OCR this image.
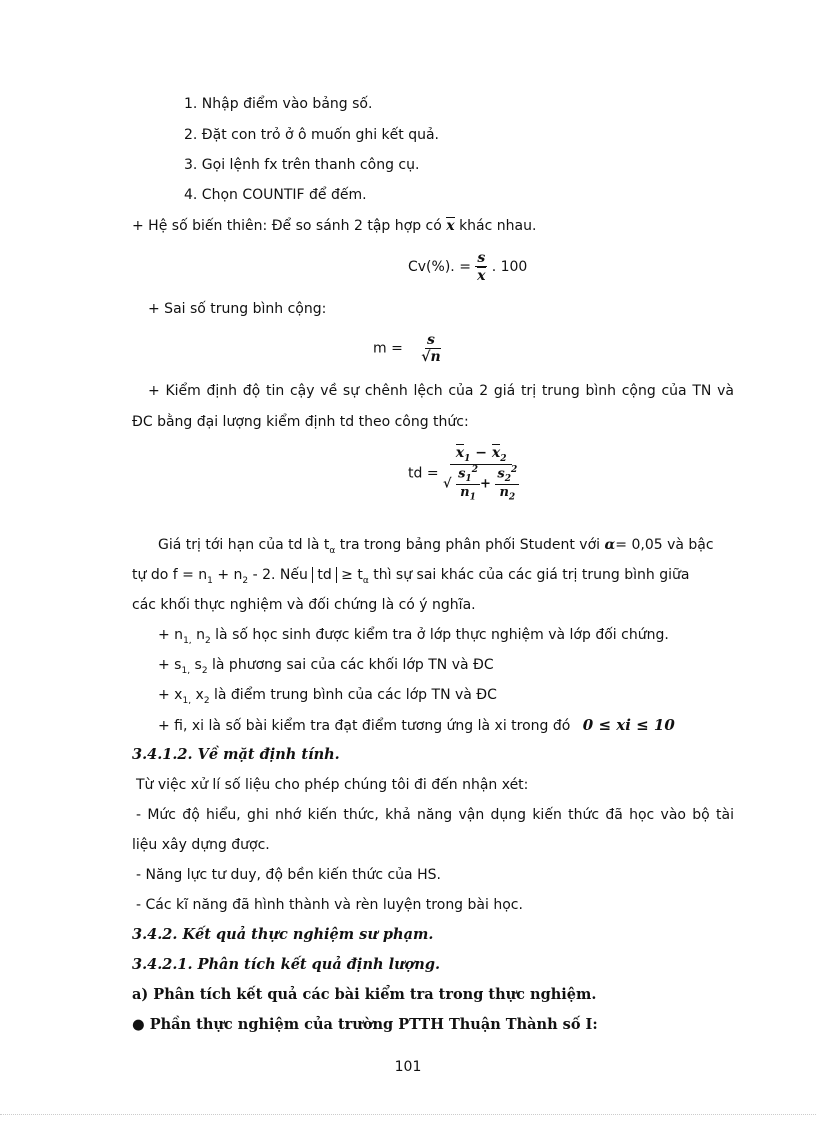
1. Nhập điểm vào bảng số.
2. Đặt con trỏ ở ô muốn ghi kết quả.
3. Gọi lệnh fx trên thanh công cụ.
4. Chọn COUNTIF để đếm.
+ Hệ số biến thiên: Để so sánh 2 tập hợp có x khác nhau.
Cv(%). = $\frac{s}{x}$ . 100
+ Sai số trung bình cộng:
$m = \frac{s}{√n}$
+ Kiểm định độ tin cậy về sự chênh lệch của 2 giá trị trung bình cộng của TN và
ĐC bằng đại lượng kiểm định td theo công thức:
td = $\frac{x_1 - x_2}{√ \frac{s_1^2}{n_1} + \frac{s_2^2}{n_2}}$
Giá trị tới hạn của td là $t_\alpha$ tra trong bảng phân phối Student với α= 0,05 và bậc
tự do $f = n_1 + n_2 - 2$. Nếu td ≥ $t_\alpha$ thì sự sai khác của các giá trị trung bình giữa
các khối thực nghiệm và đối chứng là có ý nghĩa.
+ $n_{1,}$ $n_2$ là số học sinh được kiểm tra ở lớp thực nghiệm và lớp đối chứng.
+ $s_{1,}$ $s_2$ là phương sai của các khối lớp TN và ĐC
+ $x_{1,}$ $x_2$ là điểm trung bình của các lớp TN và ĐC
+ fi, xi là số bài kiểm tra đạt điểm tương ứng là xi trong đó 0 ≤ xi ≤ 10
3.4.1.2. Về mặt định tính.
Từ việc xử lí số liệu cho phép chúng tôi đi đến nhận xét:
- Mức độ hiểu, ghi nhớ kiến thức, khả năng vận dụng kiến thức đã học vào bộ tài
liệu xây dựng được.
- Năng lực tư duy, độ bền kiến thức của HS.
- Các kĩ năng đã hình thành và rèn luyện trong bài học.
3.4.2. Kết quả thực nghiệm sư phạm.
3.4.2.1. Phân tích kết quả định lượng.
a) Phân tích kết quả các bài kiểm tra trong thực nghiệm.
● Phần thực nghiệm của trường PTTH Thuận Thành số I:
101
